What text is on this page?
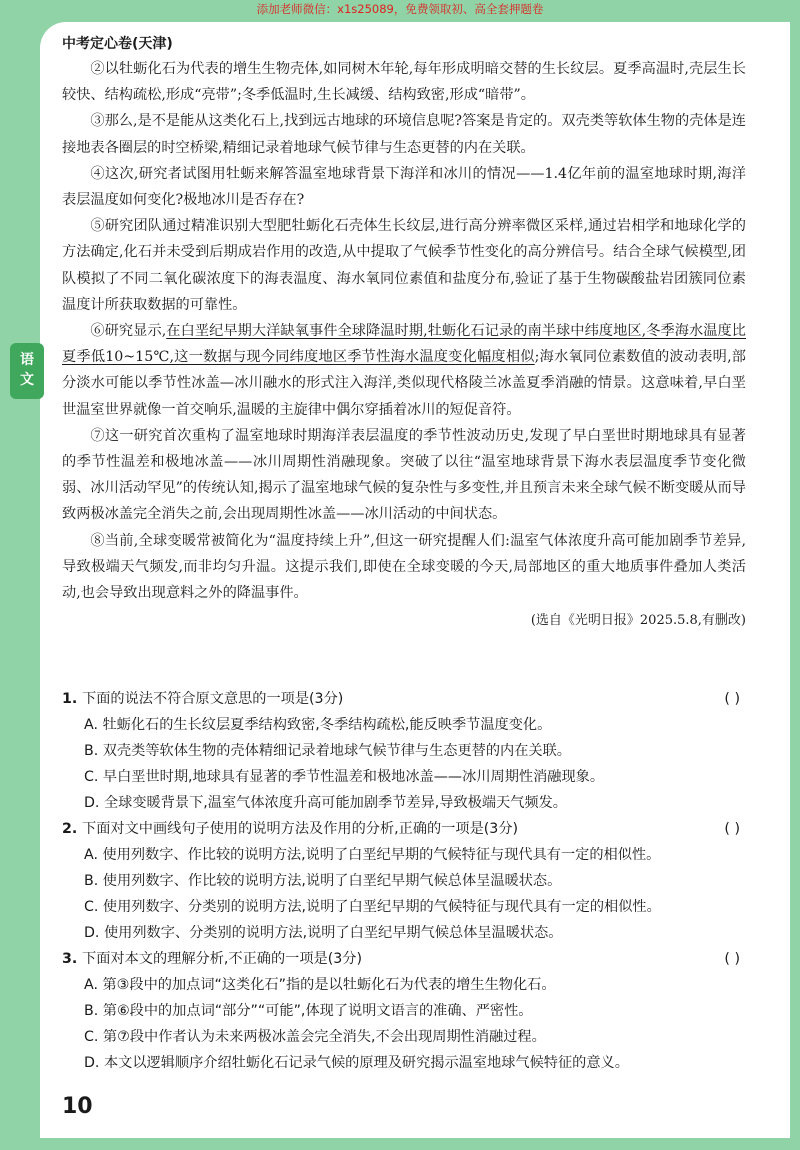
添加老师微信：x1s25089，免费领取初、高全套押题卷
中考定心卷(天津)
语
文

②以牡蛎化石为代表的增生生物壳体,如同树木年轮,每年形成明暗交替的生长纹层。夏季高温时,壳层生长较快、结构疏松,形成“亮带”;冬季低温时,生长减缓、结构致密,形成“暗带”。

③那么,是不是能从这类化石上,找到远古地球的环境信息呢?答案是肯定的。双壳类等软体生物的壳体是连接地表各圈层的时空桥梁,精细记录着地球气候节律与生态更替的内在关联。

④这次,研究者试图用牡蛎来解答温室地球背景下海洋和冰川的情况——1.4亿年前的温室地球时期,海洋表层温度如何变化?极地冰川是否存在?

⑤研究团队通过精准识别大型肥牡蛎化石壳体生长纹层,进行高分辨率微区采样,通过岩相学和地球化学的方法确定,化石并未受到后期成岩作用的改造,从中提取了气候季节性变化的高分辨信号。结合全球气候模型,团队模拟了不同二氧化碳浓度下的海表温度、海水氧同位素值和盐度分布,验证了基于生物碳酸盐岩团簇同位素温度计所获取数据的可靠性。

⑥研究显示,在白垩纪早期大洋缺氧事件全球降温时期,牡蛎化石记录的南半球中纬度地区,冬季海水温度比夏季低10~15℃,这一数据与现今同纬度地区季节性海水温度变化幅度相似;海水氧同位素数值的波动表明,部分淡水可能以季节性冰盖—冰川融水的形式注入海洋,类似现代格陵兰冰盖夏季消融的情景。这意味着,早白垩世温室世界就像一首交响乐,温暖的主旋律中偶尔穿插着冰川的短促音符。

⑦这一研究首次重构了温室地球时期海洋表层温度的季节性波动历史,发现了早白垩世时期地球具有显著的季节性温差和极地冰盖——冰川周期性消融现象。突破了以往“温室地球背景下海水表层温度季节变化微弱、冰川活动罕见”的传统认知,揭示了温室地球气候的复杂性与多变性,并且预言未来全球气候不断变暖从而导致两极冰盖完全消失之前,会出现周期性冰盖——冰川活动的中间状态。

⑧当前,全球变暖常被简化为“温度持续上升”,但这一研究提醒人们:温室气体浓度升高可能加剧季节差异,导致极端天气频发,而非均匀升温。这提示我们,即使在全球变暖的今天,局部地区的重大地质事件叠加人类活动,也会导致出现意料之外的降温事件。

(选自《光明日报》2025.5.8,有删改)
1. 下面的说法不符合原文意思的一项是(3分)	( )
A. 牡蛎化石的生长纹层夏季结构致密,冬季结构疏松,能反映季节温度变化。
B. 双壳类等软体生物的壳体精细记录着地球气候节律与生态更替的内在关联。
C. 早白垩世时期,地球具有显著的季节性温差和极地冰盖——冰川周期性消融现象。
D. 全球变暖背景下,温室气体浓度升高可能加剧季节差异,导致极端天气频发。
2. 下面对文中画线句子使用的说明方法及作用的分析,正确的一项是(3分)	( )
A. 使用列数字、作比较的说明方法,说明了白垩纪早期的气候特征与现代具有一定的相似性。
B. 使用列数字、作比较的说明方法,说明了白垩纪早期气候总体呈温暖状态。
C. 使用列数字、分类别的说明方法,说明了白垩纪早期的气候特征与现代具有一定的相似性。
D. 使用列数字、分类别的说明方法,说明了白垩纪早期气候总体呈温暖状态。
3. 下面对本文的理解分析,不正确的一项是(3分)	( )
A. 第③段中的加点词“这类化石”指的是以牡蛎化石为代表的增生生物化石。
B. 第⑥段中的加点词“部分”“可能”,体现了说明文语言的准确、严密性。
C. 第⑦段中作者认为未来两极冰盖会完全消失,不会出现周期性消融过程。
D. 本文以逻辑顺序介绍牡蛎化石记录气候的原理及研究揭示温室地球气候特征的意义。
10
